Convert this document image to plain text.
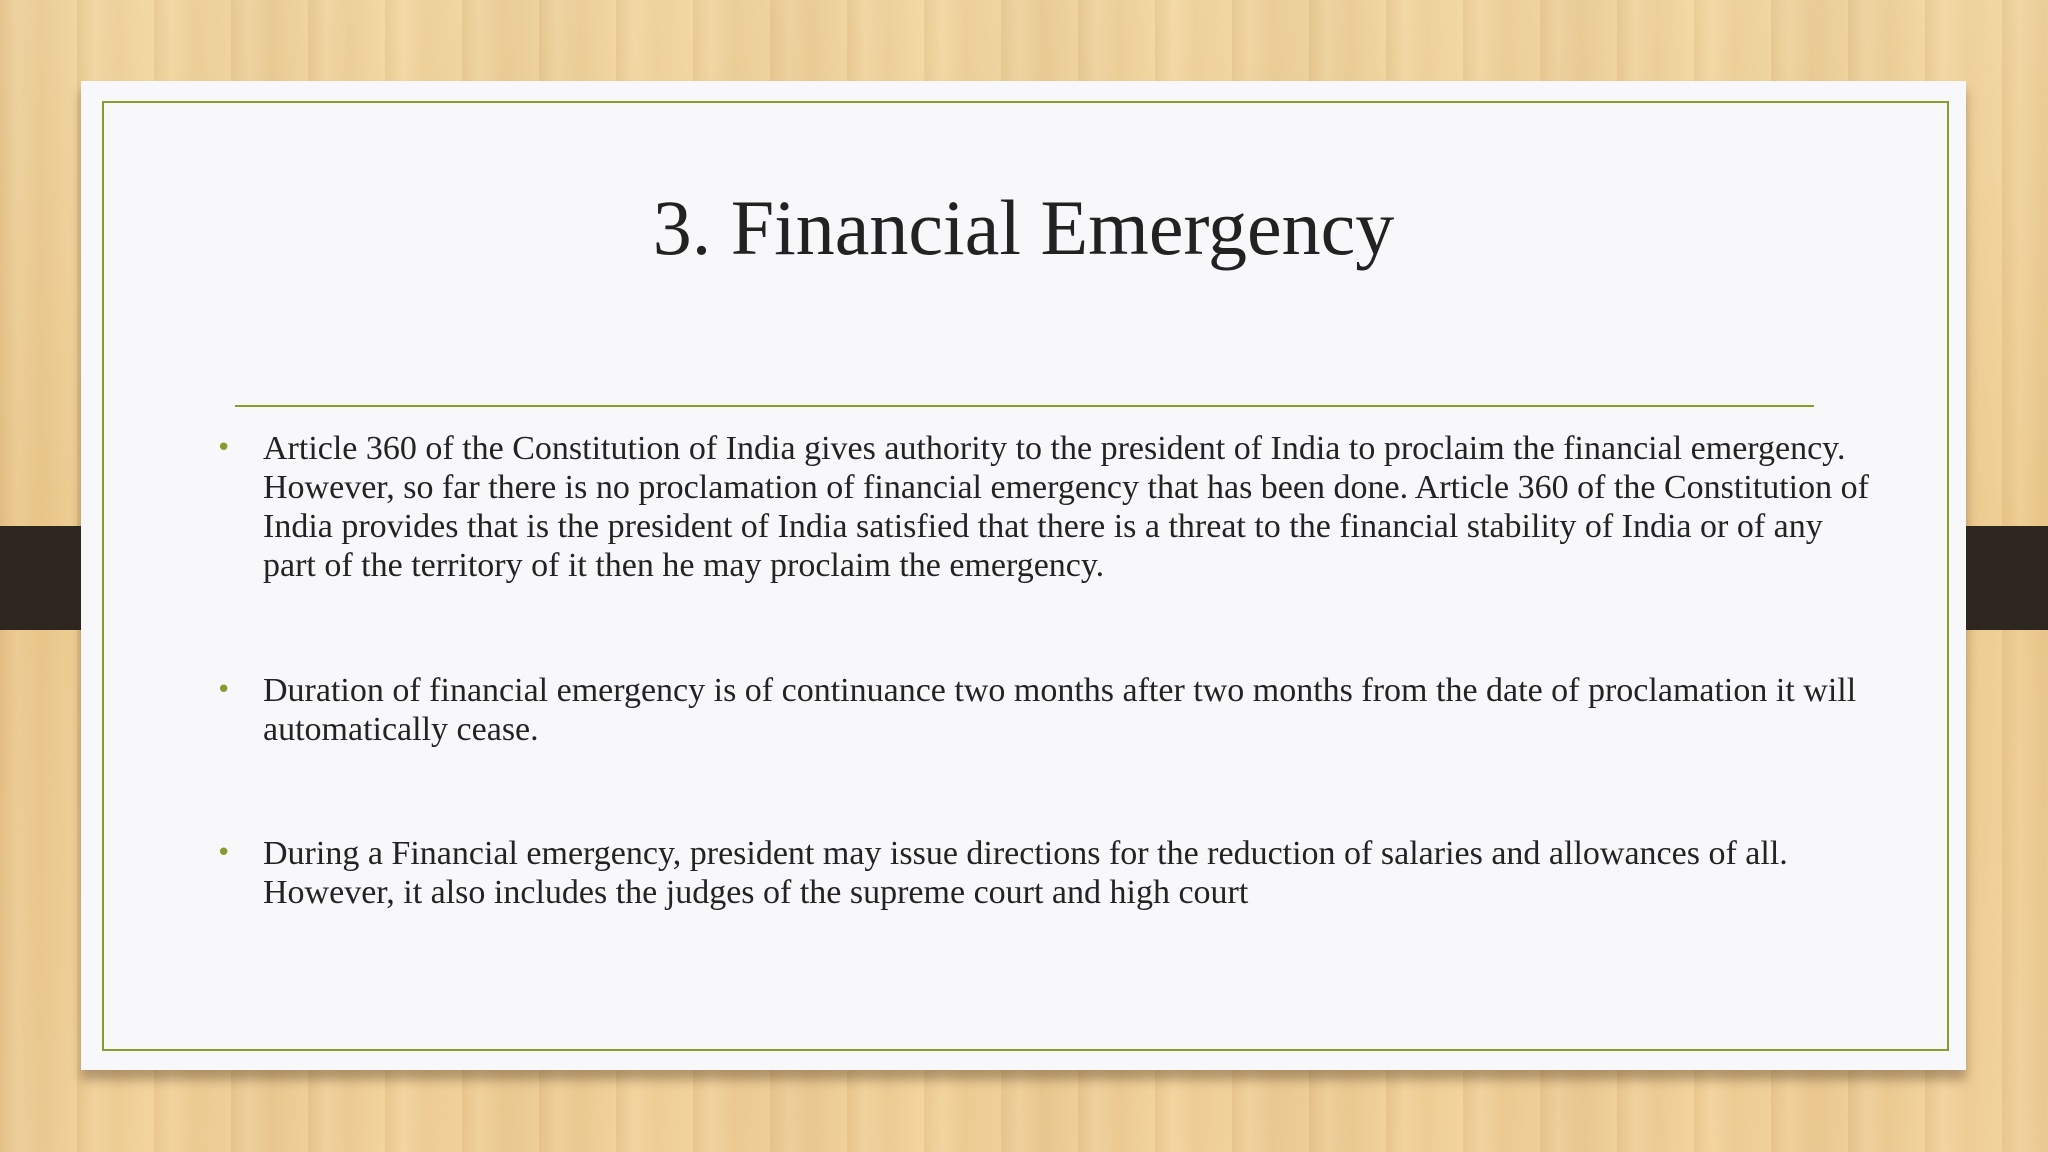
3. Financial Emergency
• Article 360 of the Constitution of India gives authority to the president of India to proclaim the financial emergency. However, so far there is no proclamation of financial emergency that has been done. Article 360 of the Constitution of India provides that is the president of India satisfied that there is a threat to the financial stability of India or of any part of the territory of it then he may proclaim the emergency.
• Duration of financial emergency is of continuance two months after two months from the date of proclamation it will automatically cease.
• During a Financial emergency, president may issue directions for the reduction of salaries and allowances of all. However, it also includes the judges of the supreme court and high court
